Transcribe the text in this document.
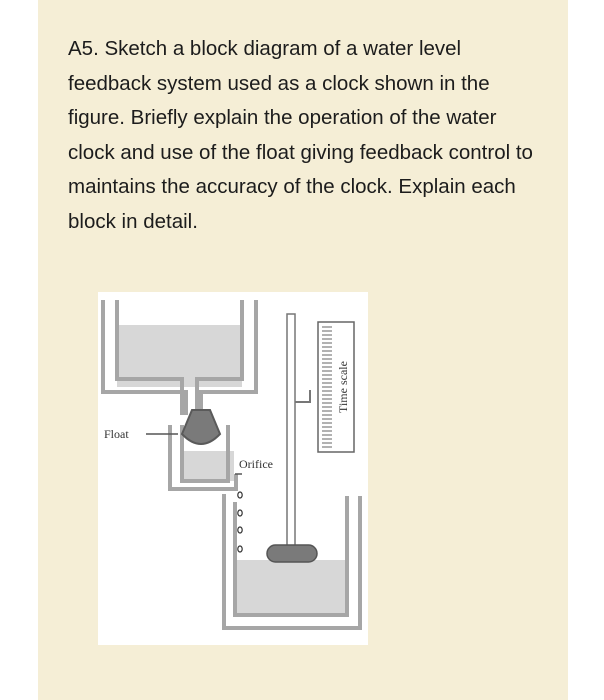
A5. Sketch a block diagram of a water level feedback system used as a clock shown in the figure. Briefly explain the operation of the water clock and use of the float giving feedback control to maintains the accuracy of the clock. Explain each block in detail.

Float
Orifice
Time scale
